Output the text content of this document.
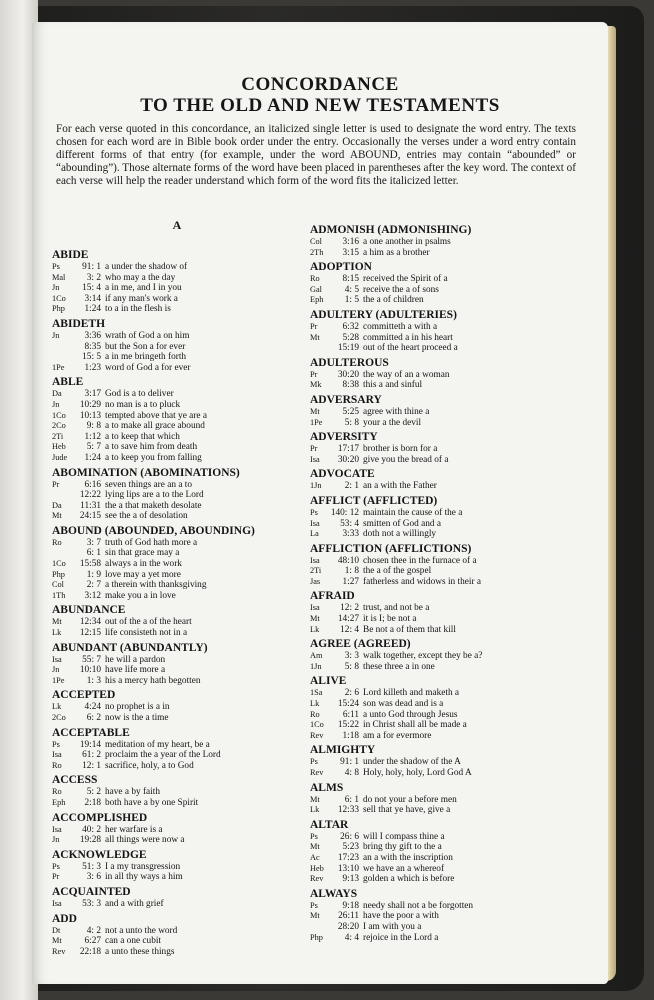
CONCORDANCE
TO THE OLD AND NEW TESTAMENTS
For each verse quoted in this concordance, an italicized single letter is used to designate the word entry. The texts chosen for each word are in Bible book order under the entry. Occasionally the verses under a word entry contain different forms of that entry (for example, under the word ABOUND, entries may contain “abounded” or “abounding”). Those alternate forms of the word have been placed in parentheses after the key word. The context of each verse will help the reader understand which form of the word fits the italicized letter.
A
ABIDE
Ps	91: 1 a under the shadow of
Mal	3: 2 who may a the day
Jn	15: 4 a in me, and I in you
1Co	3:14 if any man's work a
Php	1:24 to a in the flesh is
ABIDETH
Jn	3:36 wrath of God a on him
8:35 but the Son a for ever
15: 5 a in me bringeth forth
1Pe	1:23 word of God a for ever
ABLE
Da	3:17 God is a to deliver
Jn	10:29 no man is a to pluck
1Co	10:13 tempted above that ye are a
2Co	9: 8 a to make all grace abound
2Ti	1:12 a to keep that which
Heb	5: 7 a to save him from death
Jude	1:24 a to keep you from falling
ABOMINATION (ABOMINATIONS)
Pr	6:16 seven things are an a to
12:22 lying lips are a to the Lord
Da	11:31 the a that maketh desolate
Mt	24:15 see the a of desolation
ABOUND (ABOUNDED, ABOUNDING)
Ro	3: 7 truth of God hath more a
6: 1 sin that grace may a
1Co	15:58 always a in the work
Php	1: 9 love may a yet more
Col	2: 7 a therein with thanksgiving
1Th	3:12 make you a in love
ABUNDANCE
Mt	12:34 out of the a of the heart
Lk	12:15 life consisteth not in a
ABUNDANT (ABUNDANTLY)
Isa	55: 7 he will a pardon
Jn	10:10 have life more a
1Pe	1: 3 his a mercy hath begotten
ACCEPTED
Lk	4:24 no prophet is a in
2Co	6: 2 now is the a time
ACCEPTABLE
Ps	19:14 meditation of my heart, be a
Isa	61: 2 proclaim the a year of the Lord
Ro	12: 1 sacrifice, holy, a to God
ACCESS
Ro	5: 2 have a by faith
Eph	2:18 both have a by one Spirit
ACCOMPLISHED
Isa	40: 2 her warfare is a
Jn	19:28 all things were now a
ACKNOWLEDGE
Ps	51: 3 I a my transgression
Pr	3: 6 in all thy ways a him
ACQUAINTED
Isa	53: 3 and a with grief
ADD
Dt	4: 2 not a unto the word
Mt	6:27 can a one cubit
Rev	22:18 a unto these things
ADMONISH (ADMONISHING)
Col	3:16 a one another in psalms
2Th	3:15 a him as a brother
ADOPTION
Ro	8:15 received the Spirit of a
Gal	4: 5 receive the a of sons
Eph	1: 5 the a of children
ADULTERY (ADULTERIES)
Pr	6:32 committeth a with a
Mt	5:28 committed a in his heart
15:19 out of the heart proceed a
ADULTEROUS
Pr	30:20 the way of an a woman
Mk	8:38 this a and sinful
ADVERSARY
Mt	5:25 agree with thine a
1Pe	5: 8 your a the devil
ADVERSITY
Pr	17:17 brother is born for a
Isa	30:20 give you the bread of a
ADVOCATE
1Jn	2: 1 an a with the Father
AFFLICT (AFFLICTED)
Ps	140: 12 maintain the cause of the a
Isa	53: 4 smitten of God and a
La	3:33 doth not a willingly
AFFLICTION (AFFLICTIONS)
Isa	48:10 chosen thee in the furnace of a
2Ti	1: 8 the a of the gospel
Jas	1:27 fatherless and widows in their a
AFRAID
Isa	12: 2 trust, and not be a
Mt	14:27 it is I; be not a
Lk	12: 4 Be not a of them that kill
AGREE (AGREED)
Am	3: 3 walk together, except they be a?
1Jn	5: 8 these three a in one
ALIVE
1Sa	2: 6 Lord killeth and maketh a
Lk	15:24 son was dead and is a
Ro	6:11 a unto God through Jesus
1Co	15:22 in Christ shall all be made a
Rev	1:18 am a for evermore
ALMIGHTY
Ps	91: 1 under the shadow of the A
Rev	4: 8 Holy, holy, holy, Lord God A
ALMS
Mt	6: 1 do not your a before men
Lk	12:33 sell that ye have, give a
ALTAR
Ps	26: 6 will I compass thine a
Mt	5:23 bring thy gift to the a
Ac	17:23 an a with the inscription
Heb	13:10 we have an a whereof
Rev	9:13 golden a which is before
ALWAYS
Ps	9:18 needy shall not a be forgotten
Mt	26:11 have the poor a with
28:20 I am with you a
Php	4: 4 rejoice in the Lord a
